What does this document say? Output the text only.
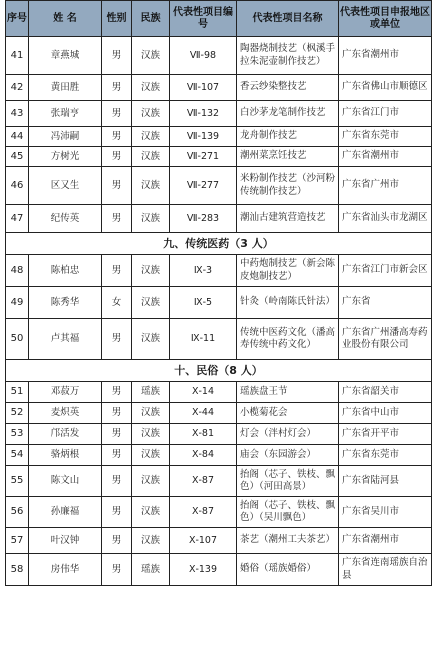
序号	姓 名	性别	民族	代表性项目编号	代表性项目名称	代表性项目申报地区或单位
41	章燕城	男	汉族	Ⅶ-98	陶器烧制技艺（枫溪手拉朱泥壶制作技艺）	广东省潮州市
42	黄田胜	男	汉族	Ⅶ-107	香云纱染整技艺	广东省佛山市顺德区
43	张瑞亨	男	汉族	Ⅶ-132	白沙茅龙笔制作技艺	广东省江门市
44	冯沛嗣	男	汉族	Ⅶ-139	龙舟制作技艺	广东省东莞市
45	方树光	男	汉族	Ⅶ-271	潮州菜烹饪技艺	广东省潮州市
46	区又生	男	汉族	Ⅶ-277	米粉制作技艺（沙河粉传统制作技艺）	广东省广州市
47	纪传英	男	汉族	Ⅶ-283	潮汕古建筑营造技艺	广东省汕头市龙湖区
九、传统医药（3 人）						
48	陈柏忠	男	汉族	Ⅸ-3	中药炮制技艺（新会陈皮炮制技艺）	广东省江门市新会区
49	陈秀华	女	汉族	Ⅸ-5	针灸（岭南陈氏针法）	广东省
50	卢其福	男	汉族	Ⅸ-11	传统中医药文化（潘高寿传统中药文化）	广东省广州潘高寿药业股份有限公司
十、民俗（8 人）						
51	邓菽万	男	瑶族	Ⅹ-14	瑶族盘王节	广东省韶关市
52	麦炽英	男	汉族	Ⅹ-44	小榄菊花会	广东省中山市
53	邝活发	男	汉族	Ⅹ-81	灯会（泮村灯会）	广东省开平市
54	骆炳根	男	汉族	Ⅹ-84	庙会（东园游会）	广东省东莞市
55	陈文山	男	汉族	Ⅹ-87	抬阁（芯子、铁枝、飘色）（河田高景）	广东省陆河县
56	孙廉福	男	汉族	Ⅹ-87	抬阁（芯子、铁枝、飘色）（吴川飘色）	广东省吴川市
57	叶汉钟	男	汉族	Ⅹ-107	茶艺（潮州工夫茶艺）	广东省潮州市
58	房伟华	男	瑶族	Ⅹ-139	婚俗（瑶族婚俗）	广东省连南瑶族自治县
